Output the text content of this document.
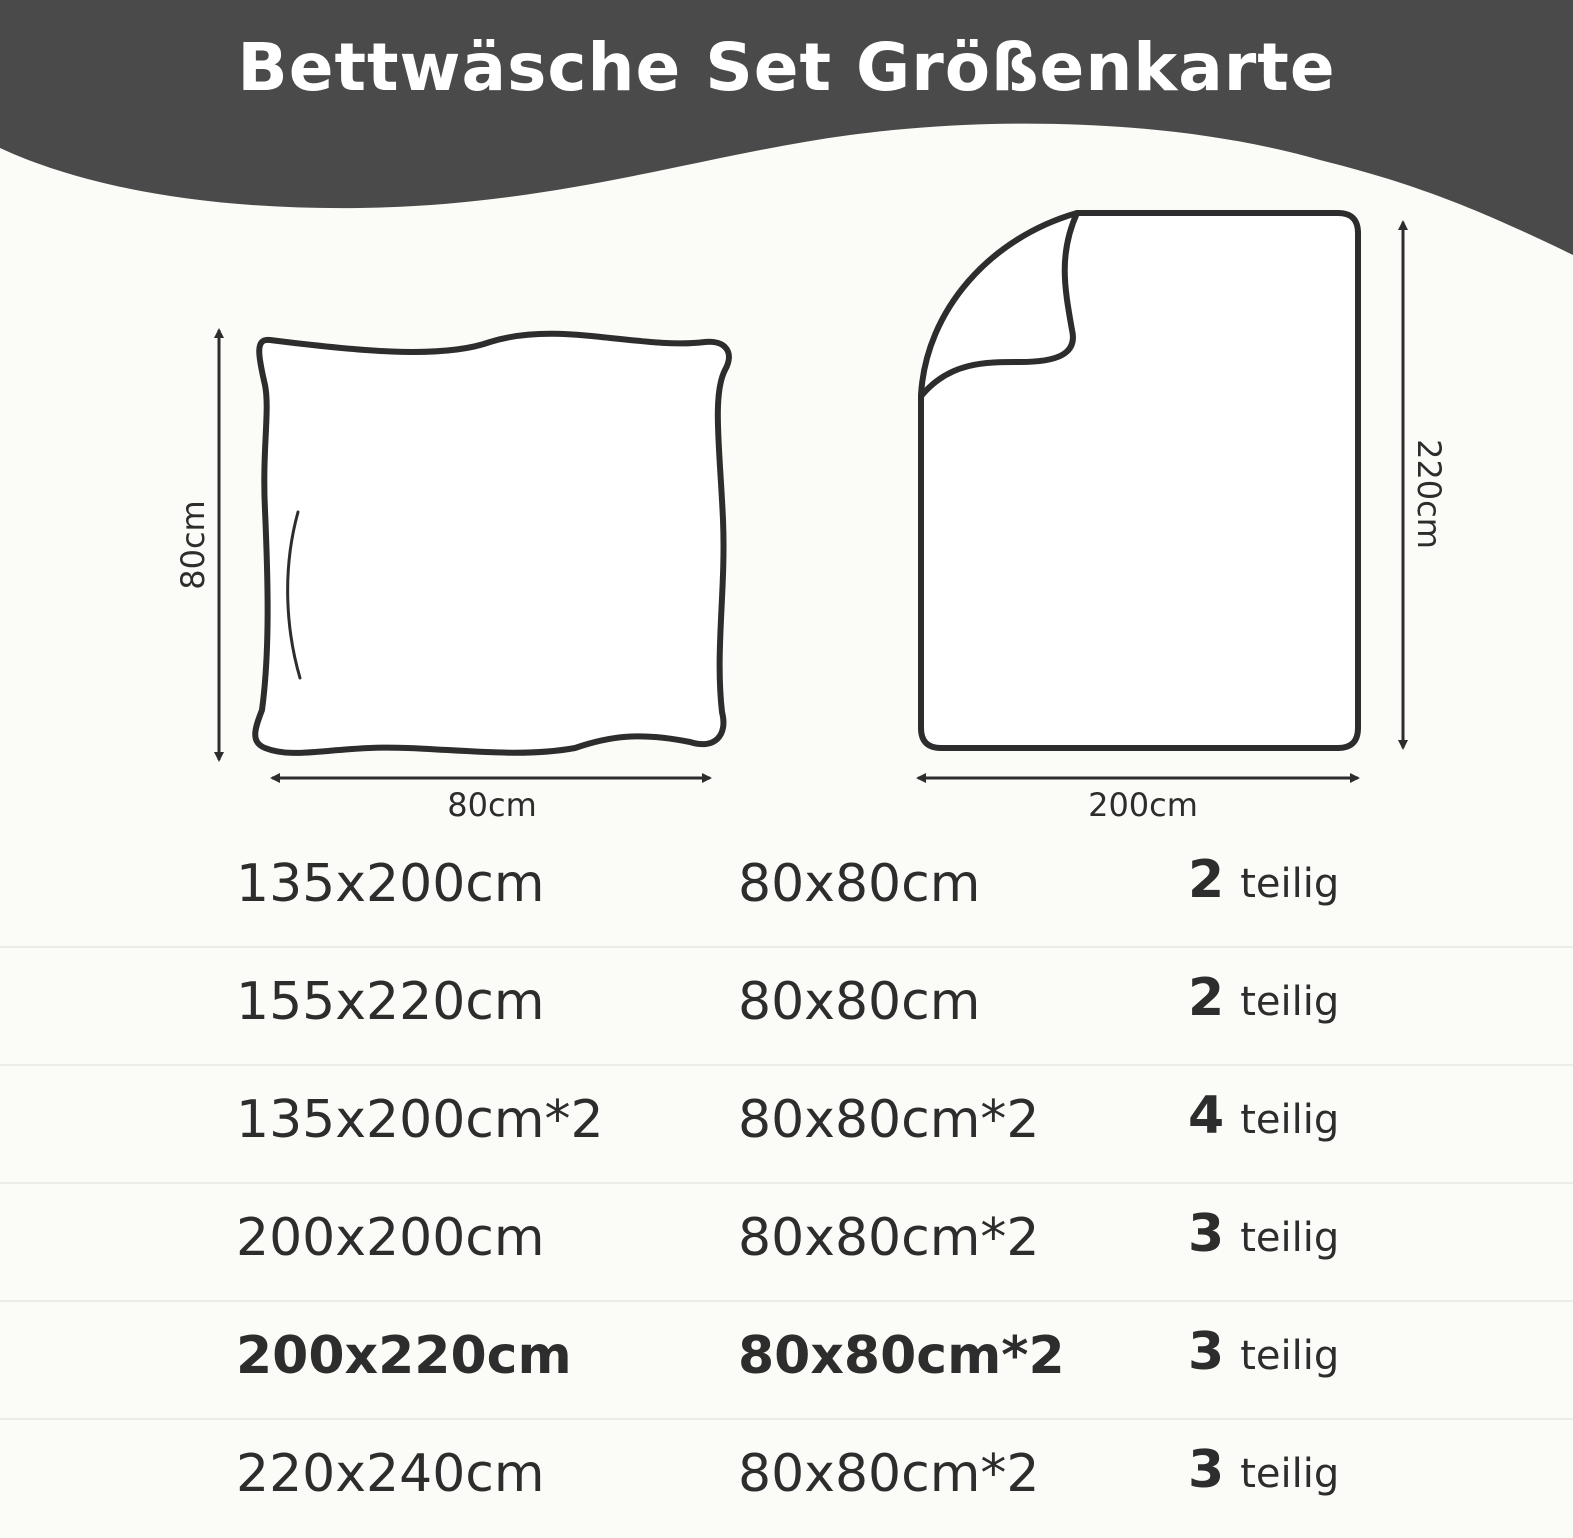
Bettwäsche Set Größenkarte
80cm
80cm
200cm
220cm
135x200cm	80x80cm	2 teilig
155x220cm	80x80cm	2 teilig
135x200cm*2	80x80cm*2	4 teilig
200x200cm	80x80cm*2	3 teilig
200x220cm	80x80cm*2 3 teilig
220x240cm	80x80cm*2	3 teilig
